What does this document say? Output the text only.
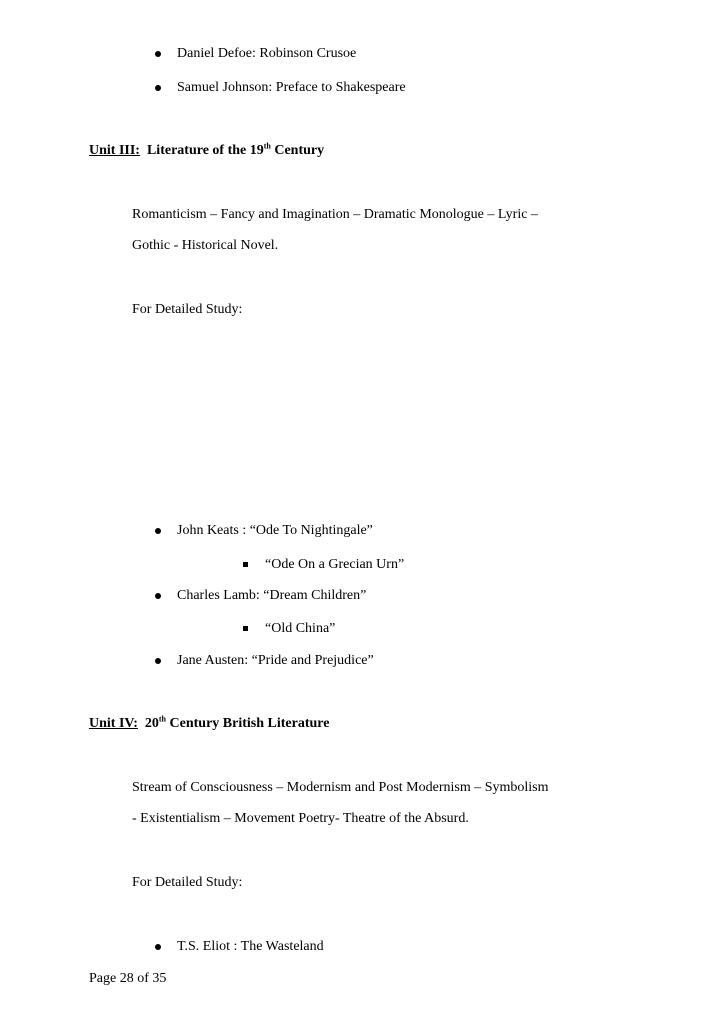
Daniel Defoe: Robinson Crusoe
Samuel Johnson: Preface to Shakespeare
Unit III: Literature of the 19th Century
Romanticism – Fancy and Imagination – Dramatic Monologue – Lyric –
Gothic - Historical Novel.
For Detailed Study:
John Keats : “Ode To Nightingale”
“Ode On a Grecian Urn”
Charles Lamb: “Dream Children”
“Old China”
Jane Austen: “Pride and Prejudice”
Unit IV: 20th Century British Literature
Stream of Consciousness – Modernism and Post Modernism – Symbolism
- Existentialism – Movement Poetry- Theatre of the Absurd.
For Detailed Study:
T.S. Eliot : The Wasteland
Page 28 of 35
